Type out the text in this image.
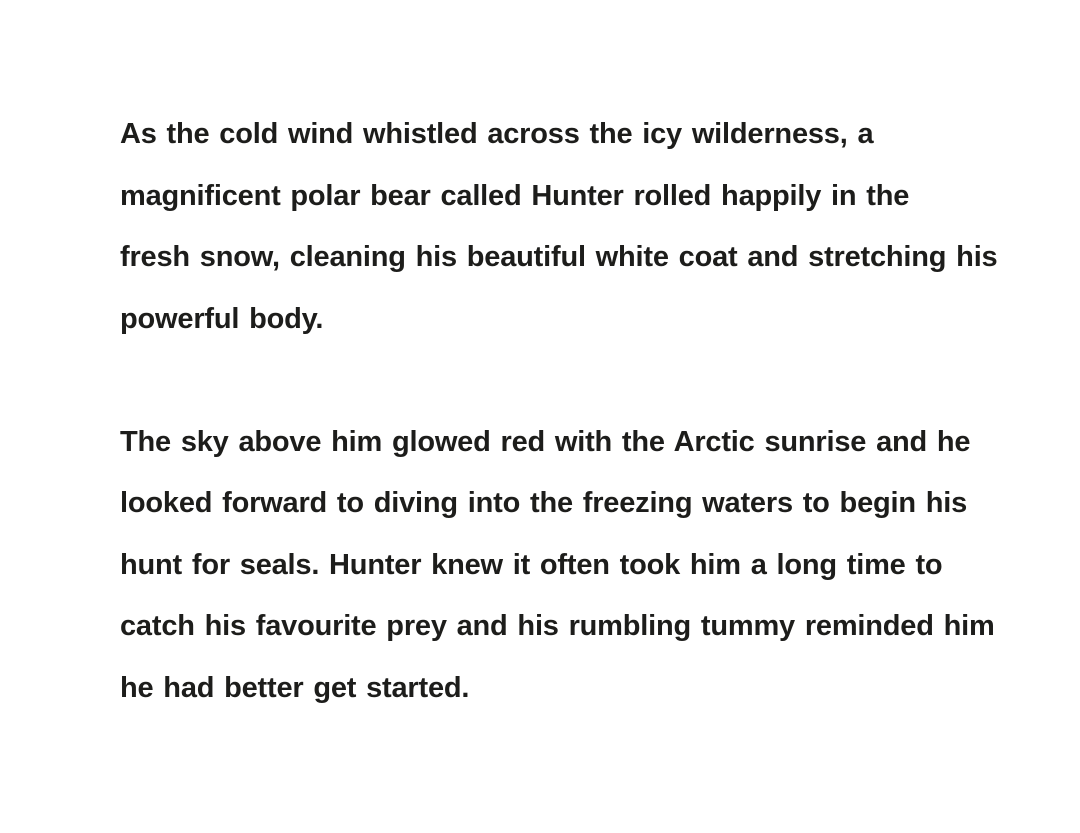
As the cold wind whistled across the icy wilderness, a
magnificent polar bear called Hunter rolled happily in the
fresh snow, cleaning his beautiful white coat and stretching his
powerful body.
The sky above him glowed red with the Arctic sunrise and he
looked forward to diving into the freezing waters to begin his
hunt for seals. Hunter knew it often took him a long time to
catch his favourite prey and his rumbling tummy reminded him
he had better get started.
